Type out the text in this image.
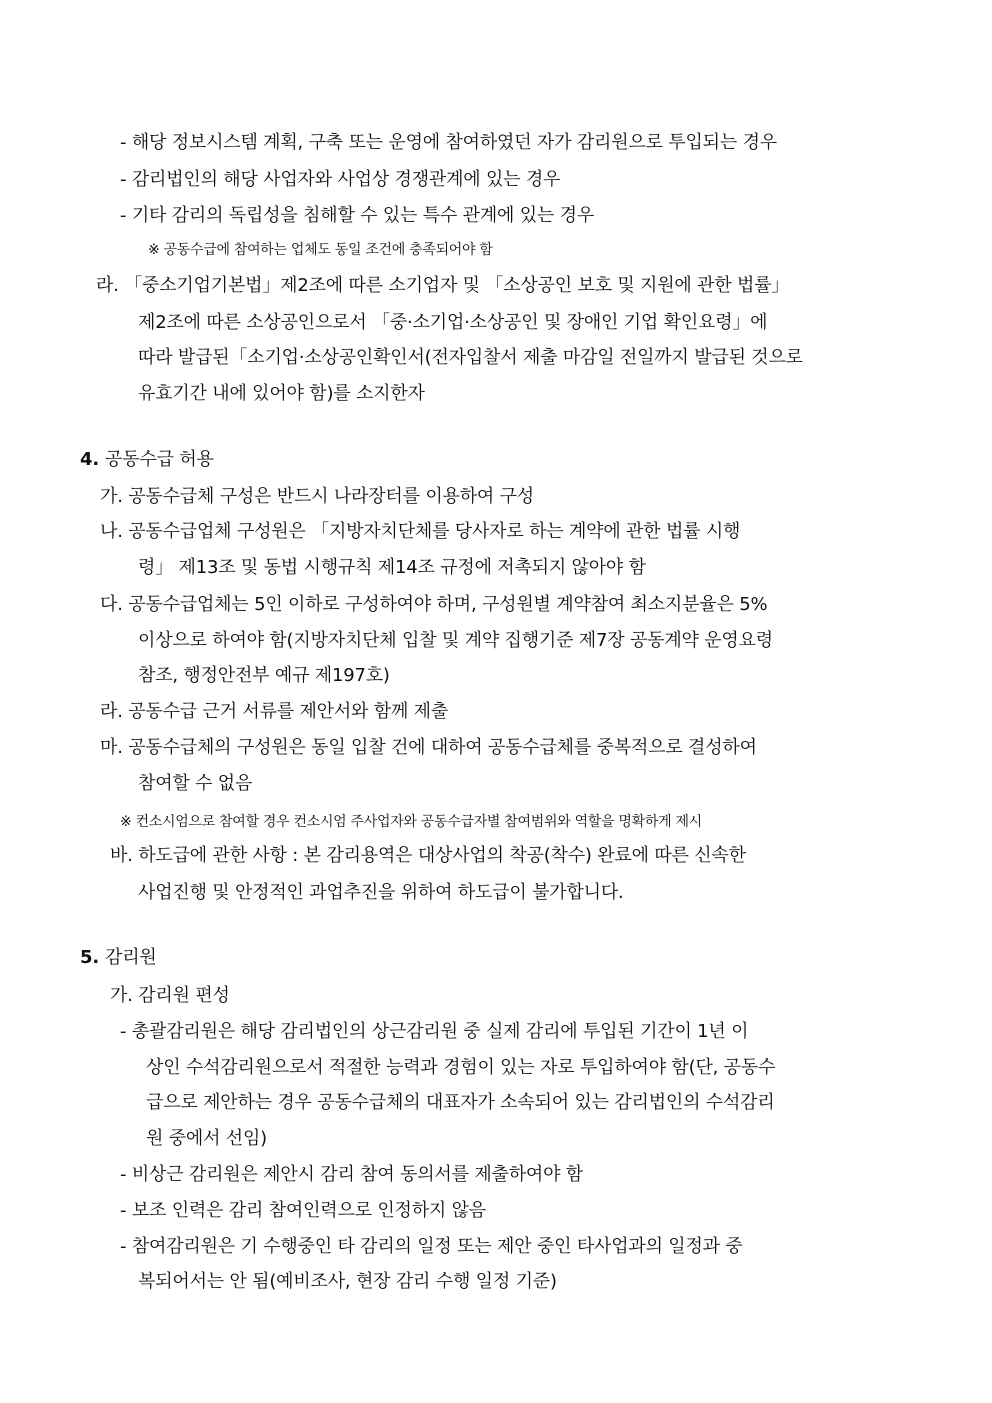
- 해당 정보시스템 계획, 구축 또는 운영에 참여하였던 자가 감리원으로 투입되는 경우
- 감리법인의 해당 사업자와 사업상 경쟁관계에 있는 경우
- 기타 감리의 독립성을 침해할 수 있는 특수 관계에 있는 경우
※ 공동수급에 참여하는 업체도 동일 조건에 충족되어야 함
라. 「중소기업기본법」제2조에 따른 소기업자 및 「소상공인 보호 및 지원에 관한 법률」
제2조에 따른 소상공인으로서 「중·소기업·소상공인 및 장애인 기업 확인요령」에
따라 발급된「소기업·소상공인확인서(전자입찰서 제출 마감일 전일까지 발급된 것으로
유효기간 내에 있어야 함)를 소지한자
4. 공동수급 허용
가. 공동수급체 구성은 반드시 나라장터를 이용하여 구성
나. 공동수급업체 구성원은 「지방자치단체를 당사자로 하는 계약에 관한 법률 시행
령」 제13조 및 동법 시행규칙 제14조 규정에 저촉되지 않아야 함
다. 공동수급업체는 5인 이하로 구성하여야 하며, 구성원별 계약참여 최소지분율은 5%
이상으로 하여야 함(지방자치단체 입찰 및 계약 집행기준 제7장 공동계약 운영요령
참조, 행정안전부 예규 제197호)
라. 공동수급 근거 서류를 제안서와 함께 제출
마. 공동수급체의 구성원은 동일 입찰 건에 대하여 공동수급체를 중복적으로 결성하여
참여할 수 없음
※ 컨소시엄으로 참여할 경우 컨소시엄 주사업자와 공동수급자별 참여범위와 역할을 명확하게 제시
바. 하도급에 관한 사항 : 본 감리용역은 대상사업의 착공(착수) 완료에 따른 신속한
사업진행 및 안정적인 과업추진을 위하여 하도급이 불가합니다.
5. 감리원
가. 감리원 편성
- 총괄감리원은 해당 감리법인의 상근감리원 중 실제 감리에 투입된 기간이 1년 이
상인 수석감리원으로서 적절한 능력과 경험이 있는 자로 투입하여야 함(단, 공동수
급으로 제안하는 경우 공동수급체의 대표자가 소속되어 있는 감리법인의 수석감리
원 중에서 선임)
- 비상근 감리원은 제안시 감리 참여 동의서를 제출하여야 함
- 보조 인력은 감리 참여인력으로 인정하지 않음
- 참여감리원은 기 수행중인 타 감리의 일정 또는 제안 중인 타사업과의 일정과 중
복되어서는 안 됨(예비조사, 현장 감리 수행 일정 기준)
